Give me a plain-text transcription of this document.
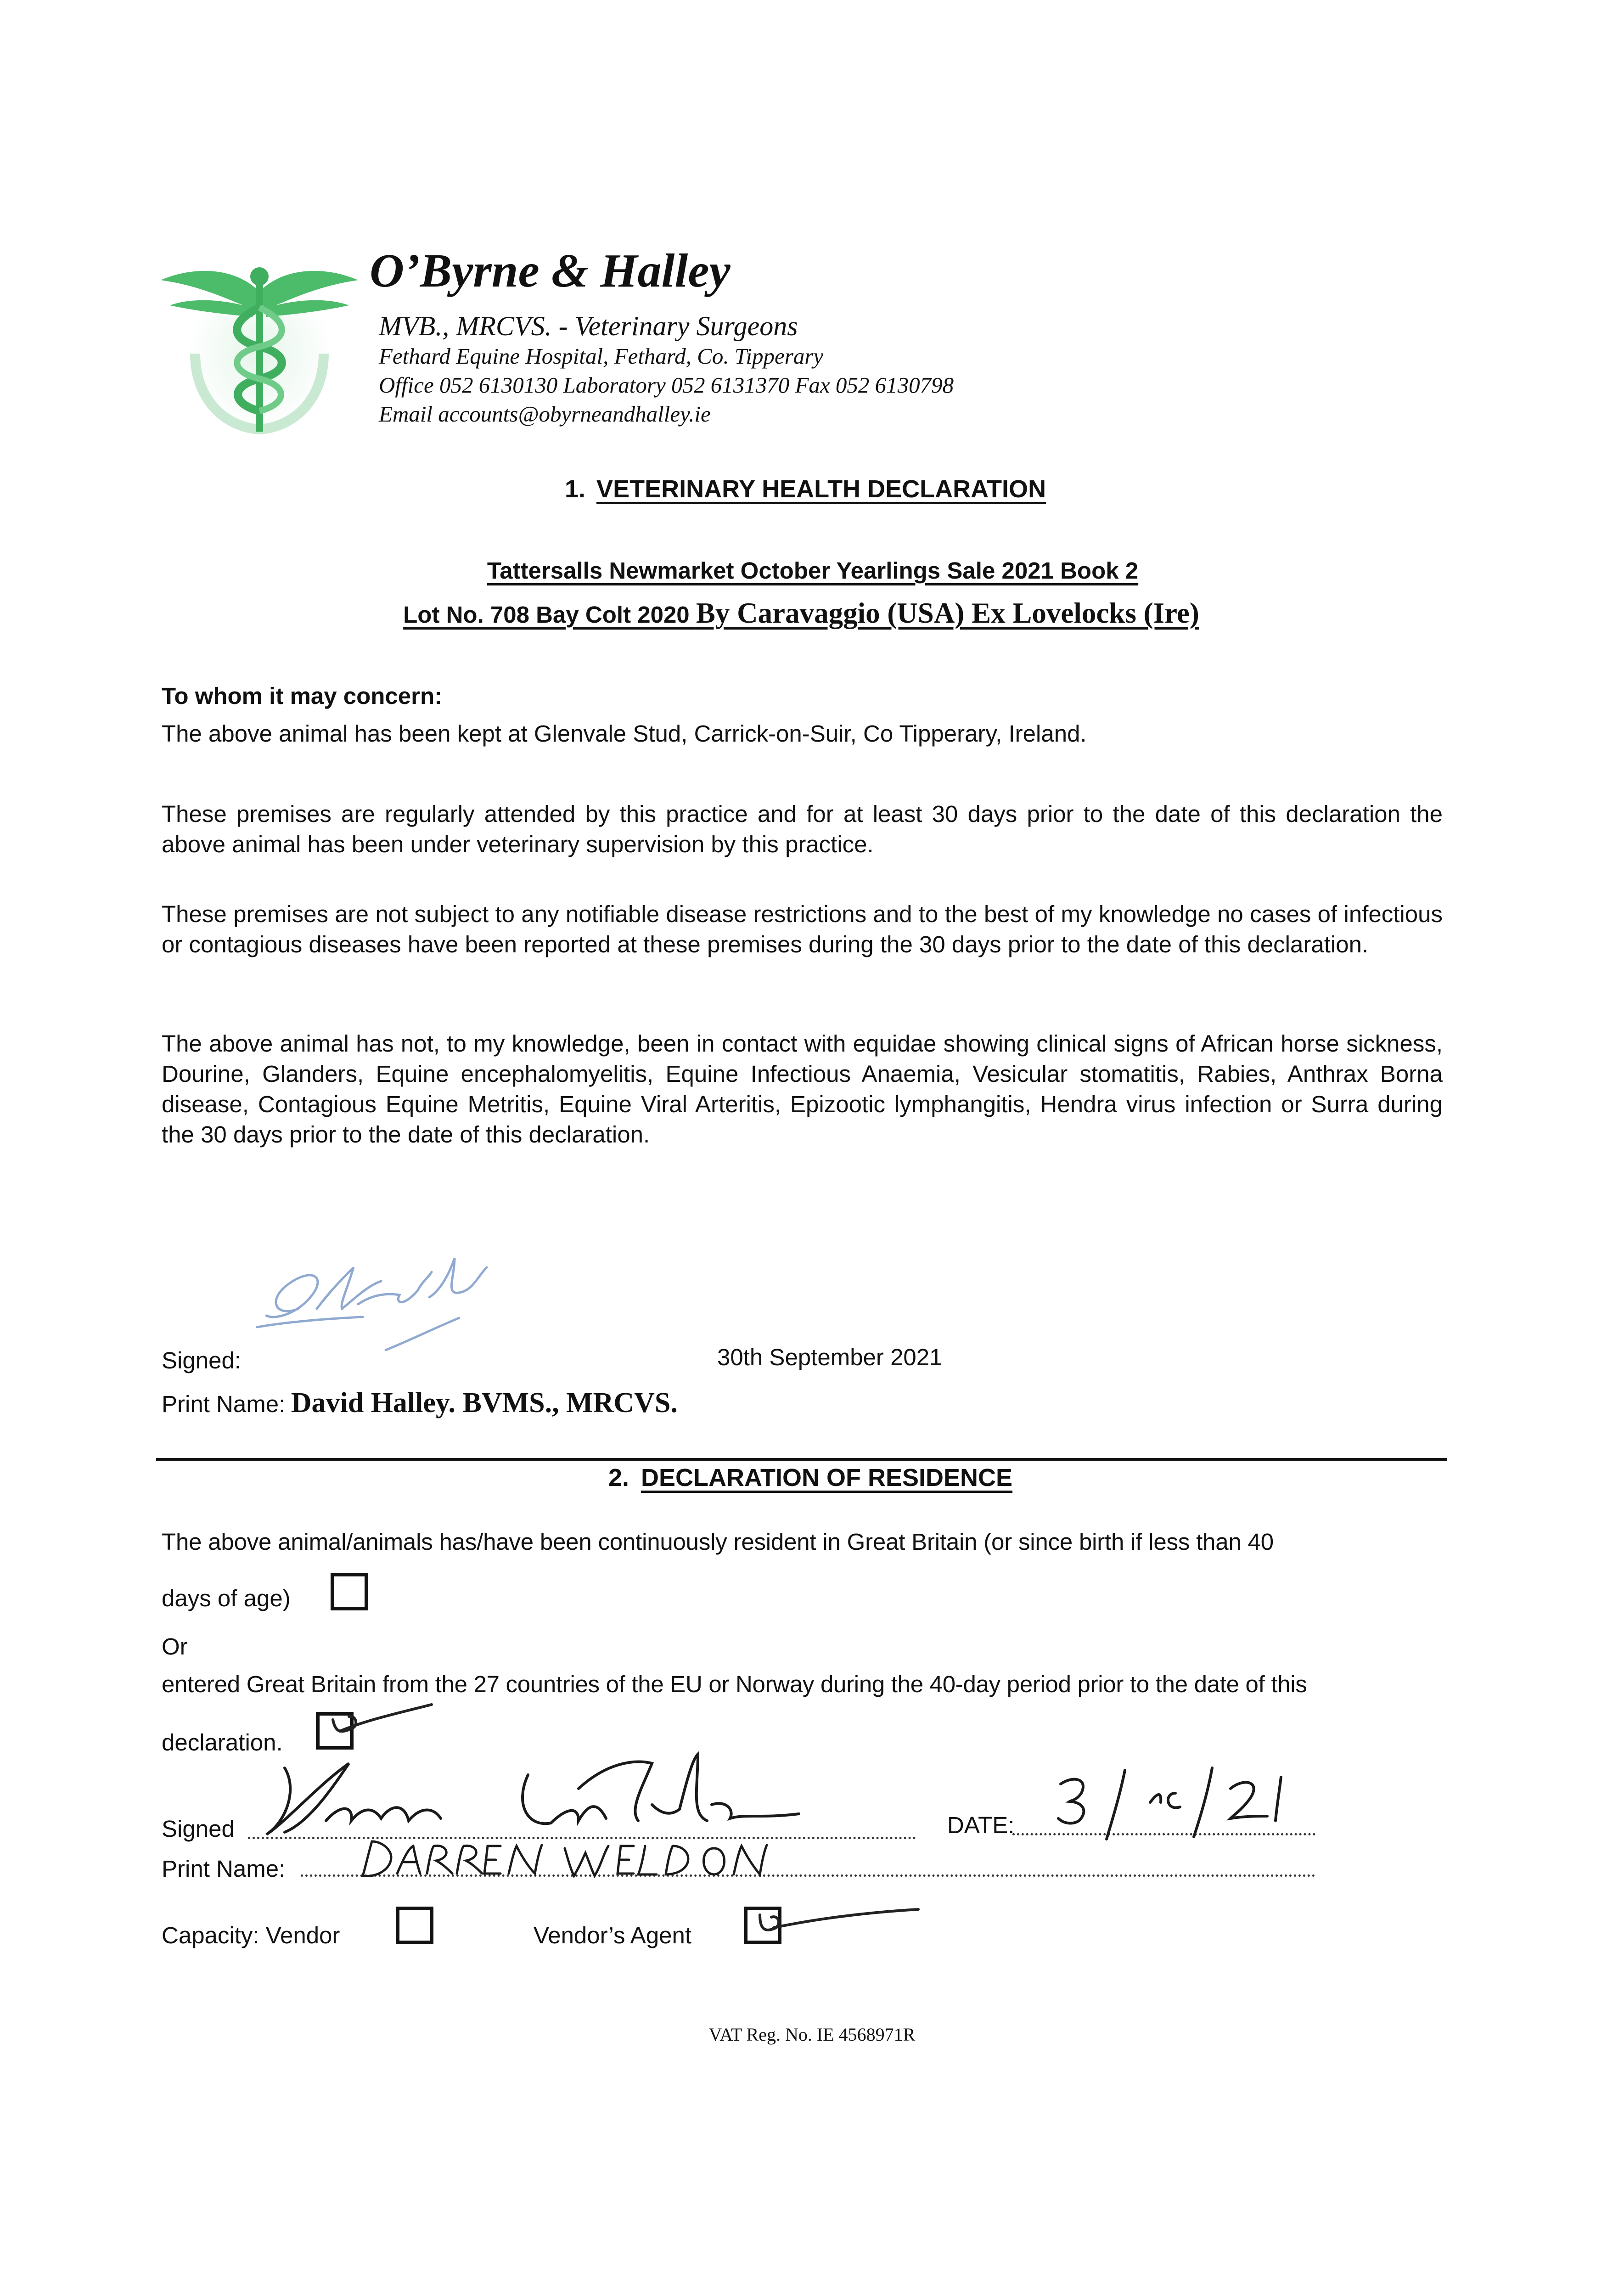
O’Byrne & Halley
MVB., MRCVS. - Veterinary Surgeons
Fethard Equine Hospital, Fethard, Co. Tipperary
Office 052 6130130 Laboratory 052 6131370 Fax 052 6130798
Email accounts@obyrneandhalley.ie
1. VETERINARY HEALTH DECLARATION
Tattersalls Newmarket October Yearlings Sale 2021 Book 2
Lot No. 708 Bay Colt 2020 By Caravaggio (USA) Ex Lovelocks (Ire)
To whom it may concern:
The above animal has been kept at Glenvale Stud, Carrick-on-Suir, Co Tipperary, Ireland.
These premises are regularly attended by this practice and for at least 30 days prior to the date of this declaration the above animal has been under veterinary supervision by this practice.
These premises are not subject to any notifiable disease restrictions and to the best of my knowledge no cases of infectious or contagious diseases have been reported at these premises during the 30 days prior to the date of this declaration.
The above animal has not, to my knowledge, been in contact with equidae showing clinical signs of African horse sickness, Dourine, Glanders, Equine encephalomyelitis, Equine Infectious Anaemia, Vesicular stomatitis, Rabies, Anthrax Borna disease, Contagious Equine Metritis, Equine Viral Arteritis, Epizootic lymphangitis, Hendra virus infection or Surra during the 30 days prior to the date of this declaration.
Signed:	30th September 2021
Print Name: David Halley. BVMS., MRCVS.
2. DECLARATION OF RESIDENCE
The above animal/animals has/have been continuously resident in Great Britain (or since birth if less than 40
days of age)
Or
entered Great Britain from the 27 countries of the EU or Norway during the 40-day period prior to the date of this
declaration.
Signed	DATE:
Print Name:
Capacity: Vendor	Vendor’s Agent
VAT Reg. No. IE 4568971R
